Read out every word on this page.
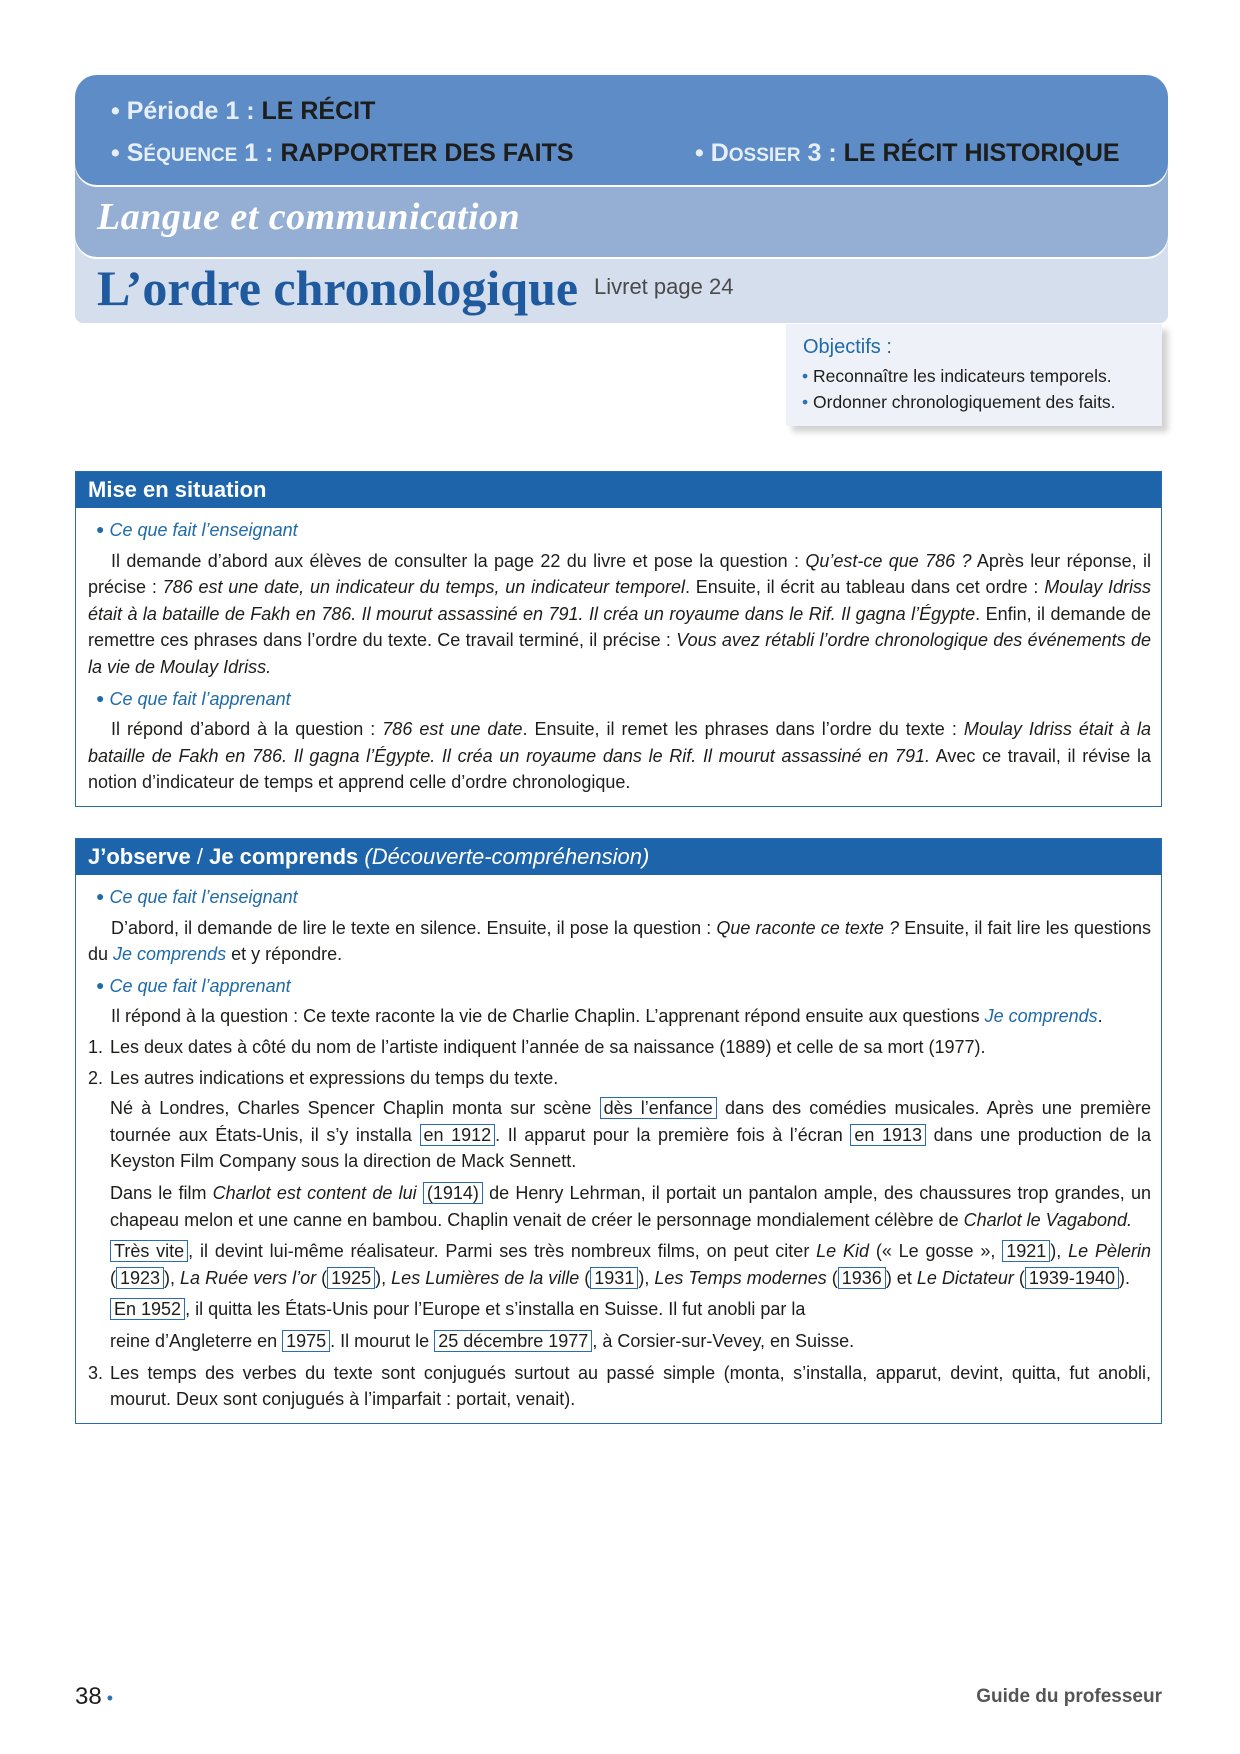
• Période 1 : LE RÉCIT
• SÉQUENCE 1 : RAPPORTER DES FAITS	• DOSSIER 3 : LE RÉCIT HISTORIQUE
Langue et communication
L’ordre chronologique Livret page 24
Objectifs :
• Reconnaître les indicateurs temporels.
• Ordonner chronologiquement des faits.
Mise en situation
● Ce que fait l’enseignant
Il demande d’abord aux élèves de consulter la page 22 du livre et pose la question : Qu’est-ce que 786 ? Après leur réponse, il précise : 786 est une date, un indicateur du temps, un indicateur temporel. Ensuite, il écrit au tableau dans cet ordre : Moulay Idriss était à la bataille de Fakh en 786. Il mourut assassiné en 791. Il créa un royaume dans le Rif. Il gagna l’Égypte. Enfin, il demande de remettre ces phrases dans l’ordre du texte. Ce travail terminé, il précise : Vous avez rétabli l’ordre chronologique des événements de la vie de Moulay Idriss.
● Ce que fait l’apprenant
Il répond d’abord à la question : 786 est une date. Ensuite, il remet les phrases dans l’ordre du texte : Moulay Idriss était à la bataille de Fakh en 786. Il gagna l’Égypte. Il créa un royaume dans le Rif. Il mourut assassiné en 791. Avec ce travail, il révise la notion d’indicateur de temps et apprend celle d’ordre chronologique.
J’observe / Je comprends (Découverte-compréhension)
● Ce que fait l’enseignant
D’abord, il demande de lire le texte en silence. Ensuite, il pose la question : Que raconte ce texte ? Ensuite, il fait lire les questions du Je comprends et y répondre.
● Ce que fait l’apprenant
Il répond à la question : Ce texte raconte la vie de Charlie Chaplin. L’apprenant répond ensuite aux questions Je comprends.
1. Les deux dates à côté du nom de l’artiste indiquent l’année de sa naissance (1889) et celle de sa mort (1977).
2. Les autres indications et expressions du temps du texte.
Né à Londres, Charles Spencer Chaplin monta sur scène dès l’enfance dans des comédies musicales. Après une première tournée aux États-Unis, il s’y installa en 1912 . Il apparut pour la première fois à l’écran en 1913 dans une production de la Keyston Film Company sous la direction de Mack Sennett.
Dans le film Charlot est content de lui (1914) de Henry Lehrman, il portait un pantalon ample, des chaussures trop grandes, un chapeau melon et une canne en bambou. Chaplin venait de créer le personnage mondialement célèbre de Charlot le Vagabond.
Très vite , il devint lui-même réalisateur. Parmi ses très nombreux films, on peut citer Le Kid (« Le gosse », 1921 ), Le Pèlerin ( 1923 ), La Ruée vers l’or ( 1925 ), Les Lumières de la ville ( 1931 ), Les Temps modernes ( 1936 ) et Le Dictateur ( 1939-1940 ).
En 1952 , il quitta les États-Unis pour l’Europe et s’installa en Suisse. Il fut anobli par la
reine d’Angleterre en 1975 . Il mourut le 25 décembre 1977 , à Corsier-sur-Vevey, en Suisse.
3. Les temps des verbes du texte sont conjugués surtout au passé simple (monta, s’installa, apparut, devint, quitta, fut anobli, mourut. Deux sont conjugués à l’imparfait : portait, venait).
38 •	Guide du professeur
